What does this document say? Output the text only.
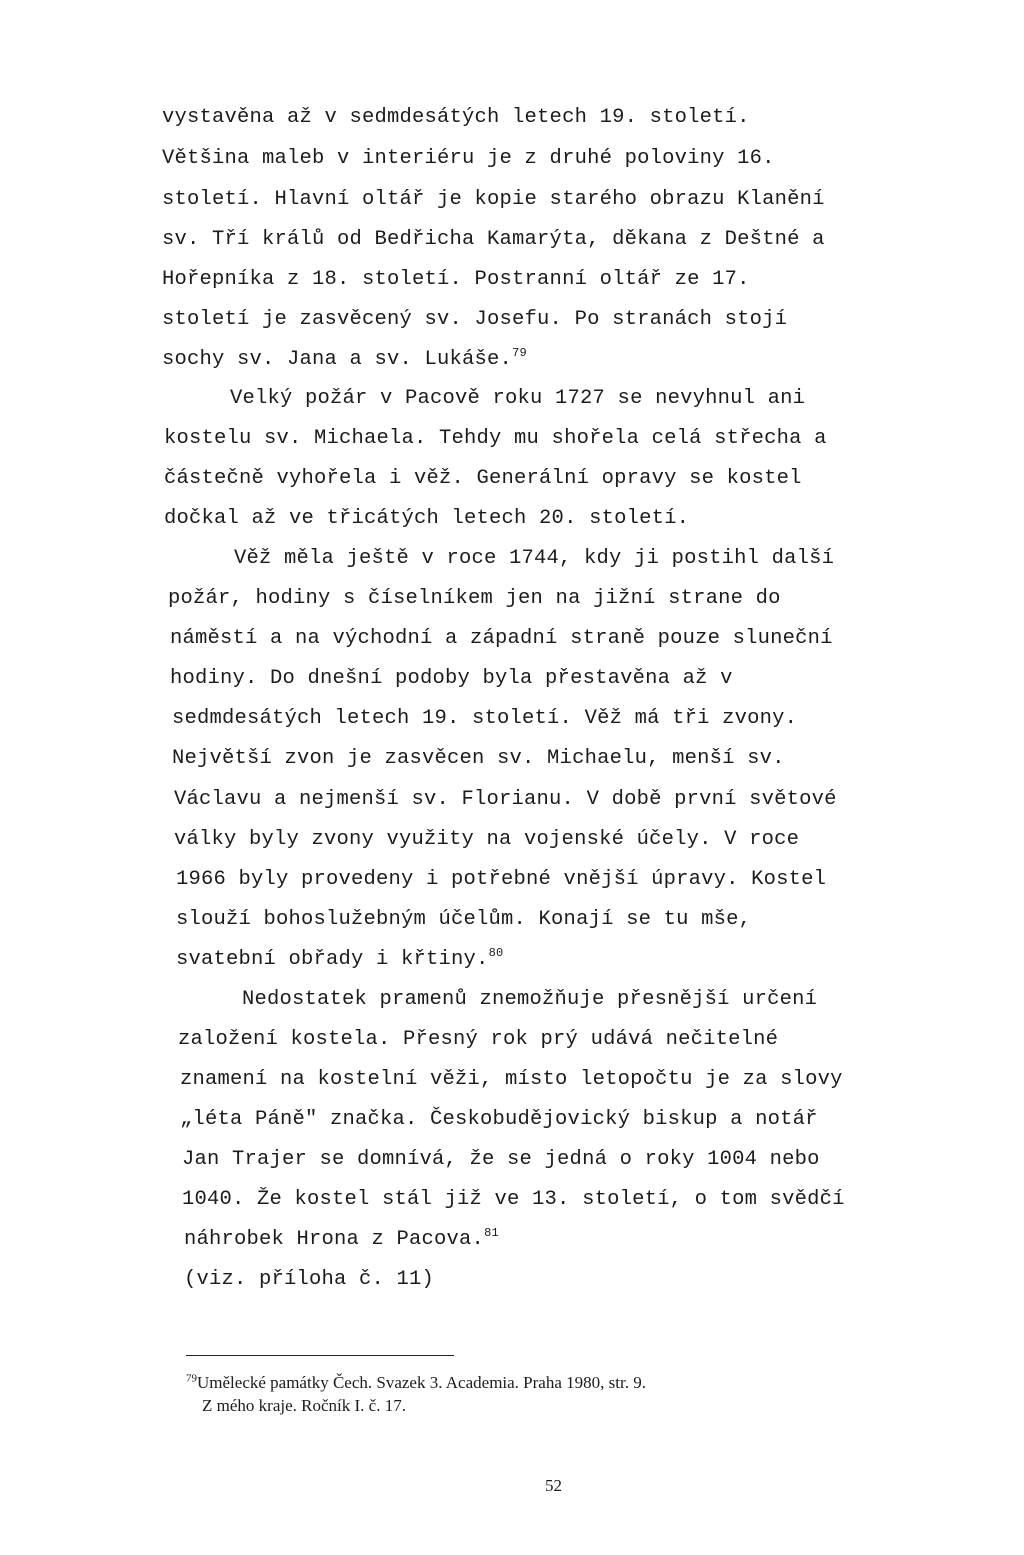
vystavěna až v sedmdesátých letech 19. století.
Většina maleb v interiéru je z druhé poloviny 16.
století. Hlavní oltář je kopie starého obrazu Klanění
sv. Tří králů od Bedřicha Kamarýta, děkana z Deštné a
Hořepníka z 18. století. Postranní oltář ze 17.
století je zasvěcený sv. Josefu. Po stranách stojí
sochy sv. Jana a sv. Lukáše.$^{79}$
Velký požár v Pacově roku 1727 se nevyhnul ani
kostelu sv. Michaela. Tehdy mu shořela celá střecha a
částečně vyhořela i věž. Generální opravy se kostel
dočkal až ve třicátých letech 20. století.
Věž měla ještě v roce 1744, kdy ji postihl další
požár, hodiny s číselníkem jen na jižní strane do
náměstí a na východní a západní straně pouze sluneční
hodiny. Do dnešní podoby byla přestavěna až v
sedmdesátých letech 19. století. Věž má tři zvony.
Největší zvon je zasvěcen sv. Michaelu, menší sv.
Václavu a nejmenší sv. Florianu. V době první světové
války byly zvony využity na vojenské účely. V roce
1966 byly provedeny i potřebné vnější úpravy. Kostel
slouží bohoslužebným účelům. Konají se tu mše,
svatební obřady i křtiny.$^{80}$
Nedostatek pramenů znemožňuje přesnější určení
založení kostela. Přesný rok prý udává nečitelné
znamení na kostelní věži, místo letopočtu je za slovy
„léta Páně" značka. Českobudějovický biskup a notář
Jan Trajer se domnívá, že se jedná o roky 1004 nebo
1040. Že kostel stál již ve 13. století, o tom svědčí
náhrobek Hrona z Pacova.$^{81}$
(viz. příloha č. 11)
$^{79}$Umělecké památky Čech. Svazek 3. Academia. Praha 1980, str. 9.
Z mého kraje. Ročník I. č. 17.
52
